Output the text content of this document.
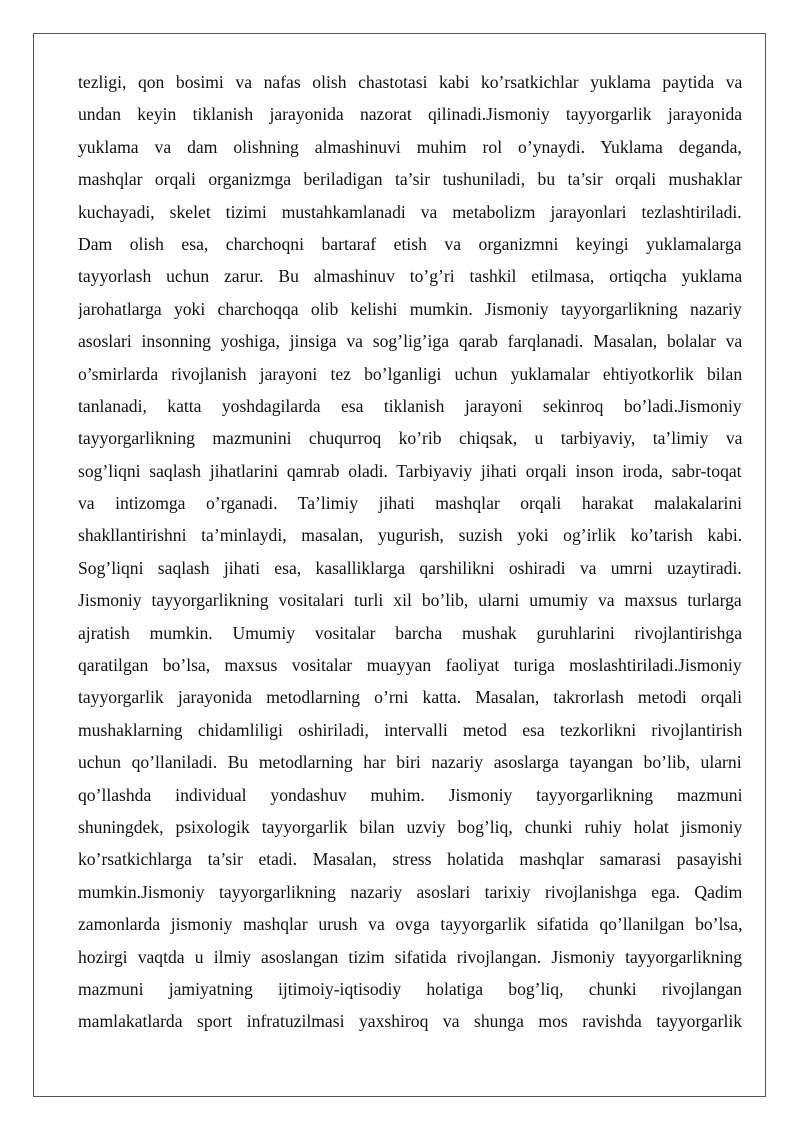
tezligi, qon bosimi va nafas olish chastotasi kabi ko’rsatkichlar yuklama paytida va
undan keyin tiklanish jarayonida nazorat qilinadi.Jismoniy tayyorgarlik jarayonida
yuklama va dam olishning almashinuvi muhim rol o’ynaydi. Yuklama deganda,
mashqlar orqali organizmga beriladigan ta’sir tushuniladi, bu ta’sir orqali mushaklar
kuchayadi, skelet tizimi mustahkamlanadi va metabolizm jarayonlari tezlashtiriladi.
Dam olish esa, charchoqni bartaraf etish va organizmni keyingi yuklamalarga
tayyorlash uchun zarur. Bu almashinuv to’g’ri tashkil etilmasa, ortiqcha yuklama
jarohatlarga yoki charchoqqa olib kelishi mumkin. Jismoniy tayyorgarlikning nazariy
asoslari insonning yoshiga, jinsiga va sog’lig’iga qarab farqlanadi. Masalan, bolalar va
o’smirlarda rivojlanish jarayoni tez bo’lganligi uchun yuklamalar ehtiyotkorlik bilan
tanlanadi, katta yoshdagilarda esa tiklanish jarayoni sekinroq bo’ladi.Jismoniy
tayyorgarlikning mazmunini chuqurroq ko’rib chiqsak, u tarbiyaviy, ta’limiy va
sog’liqni saqlash jihatlarini qamrab oladi. Tarbiyaviy jihati orqali inson iroda, sabr-toqat
va intizomga o’rganadi. Ta’limiy jihati mashqlar orqali harakat malakalarini
shakllantirishni ta’minlaydi, masalan, yugurish, suzish yoki og’irlik ko’tarish kabi.
Sog’liqni saqlash jihati esa, kasalliklarga qarshilikni oshiradi va umrni uzaytiradi.
Jismoniy tayyorgarlikning vositalari turli xil bo’lib, ularni umumiy va maxsus turlarga
ajratish mumkin. Umumiy vositalar barcha mushak guruhlarini rivojlantirishga
qaratilgan bo’lsa, maxsus vositalar muayyan faoliyat turiga moslashtiriladi.Jismoniy
tayyorgarlik jarayonida metodlarning o’rni katta. Masalan, takrorlash metodi orqali
mushaklarning chidamliligi oshiriladi, intervalli metod esa tezkorlikni rivojlantirish
uchun qo’llaniladi. Bu metodlarning har biri nazariy asoslarga tayangan bo’lib, ularni
qo’llashda individual yondashuv muhim. Jismoniy tayyorgarlikning mazmuni
shuningdek, psixologik tayyorgarlik bilan uzviy bog’liq, chunki ruhiy holat jismoniy
ko’rsatkichlarga ta’sir etadi. Masalan, stress holatida mashqlar samarasi pasayishi
mumkin.Jismoniy tayyorgarlikning nazariy asoslari tarixiy rivojlanishga ega. Qadim
zamonlarda jismoniy mashqlar urush va ovga tayyorgarlik sifatida qo’llanilgan bo’lsa,
hozirgi vaqtda u ilmiy asoslangan tizim sifatida rivojlangan. Jismoniy tayyorgarlikning
mazmuni jamiyatning ijtimoiy-iqtisodiy holatiga bog’liq, chunki rivojlangan
mamlakatlarda sport infratuzilmasi yaxshiroq va shunga mos ravishda tayyorgarlik
